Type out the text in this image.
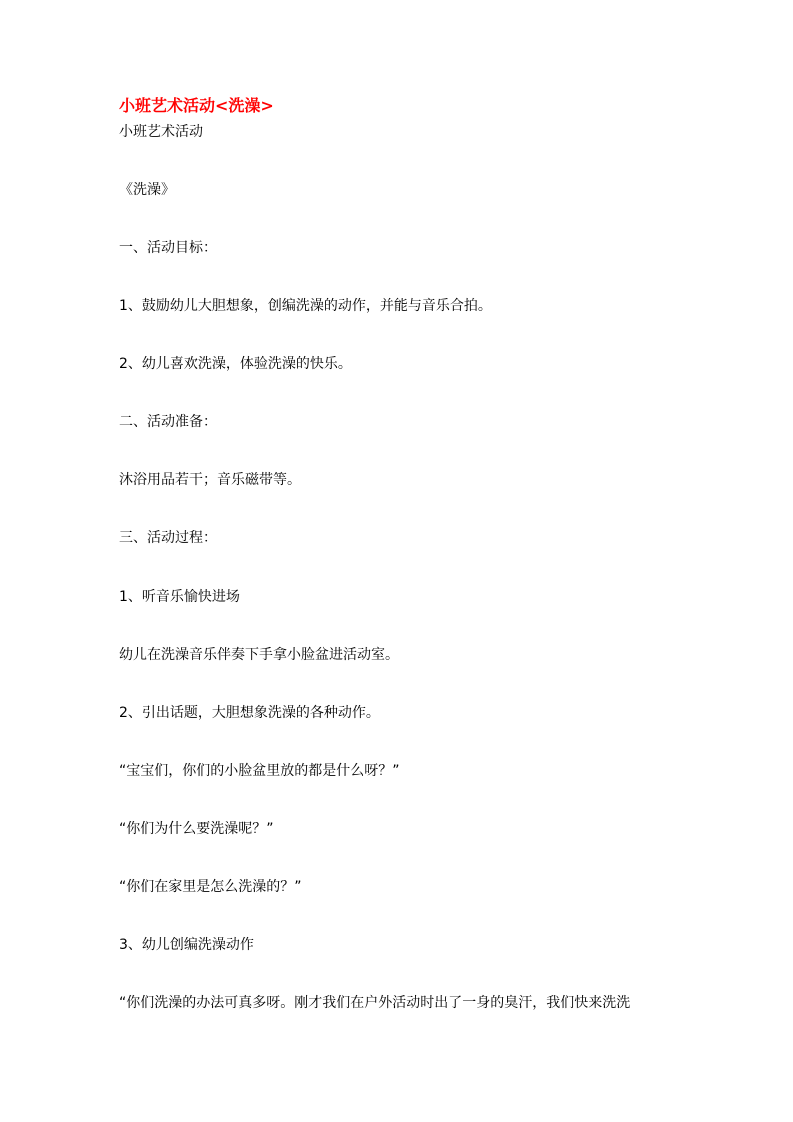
小班艺术活动<洗澡>
小班艺术活动
《洗澡》
一、活动目标：
1、鼓励幼儿大胆想象，创编洗澡的动作，并能与音乐合拍。
2、幼儿喜欢洗澡，体验洗澡的快乐。
二、活动准备：
沐浴用品若干；音乐磁带等。
三、活动过程：
1、听音乐愉快进场
幼儿在洗澡音乐伴奏下手拿小脸盆进活动室。
2、引出话题，大胆想象洗澡的各种动作。
“宝宝们，你们的小脸盆里放的都是什么呀？”
“你们为什么要洗澡呢？”
“你们在家里是怎么洗澡的？”
3、幼儿创编洗澡动作
“你们洗澡的办法可真多呀。刚才我们在户外活动时出了一身的臭汗，我们快来洗洗
